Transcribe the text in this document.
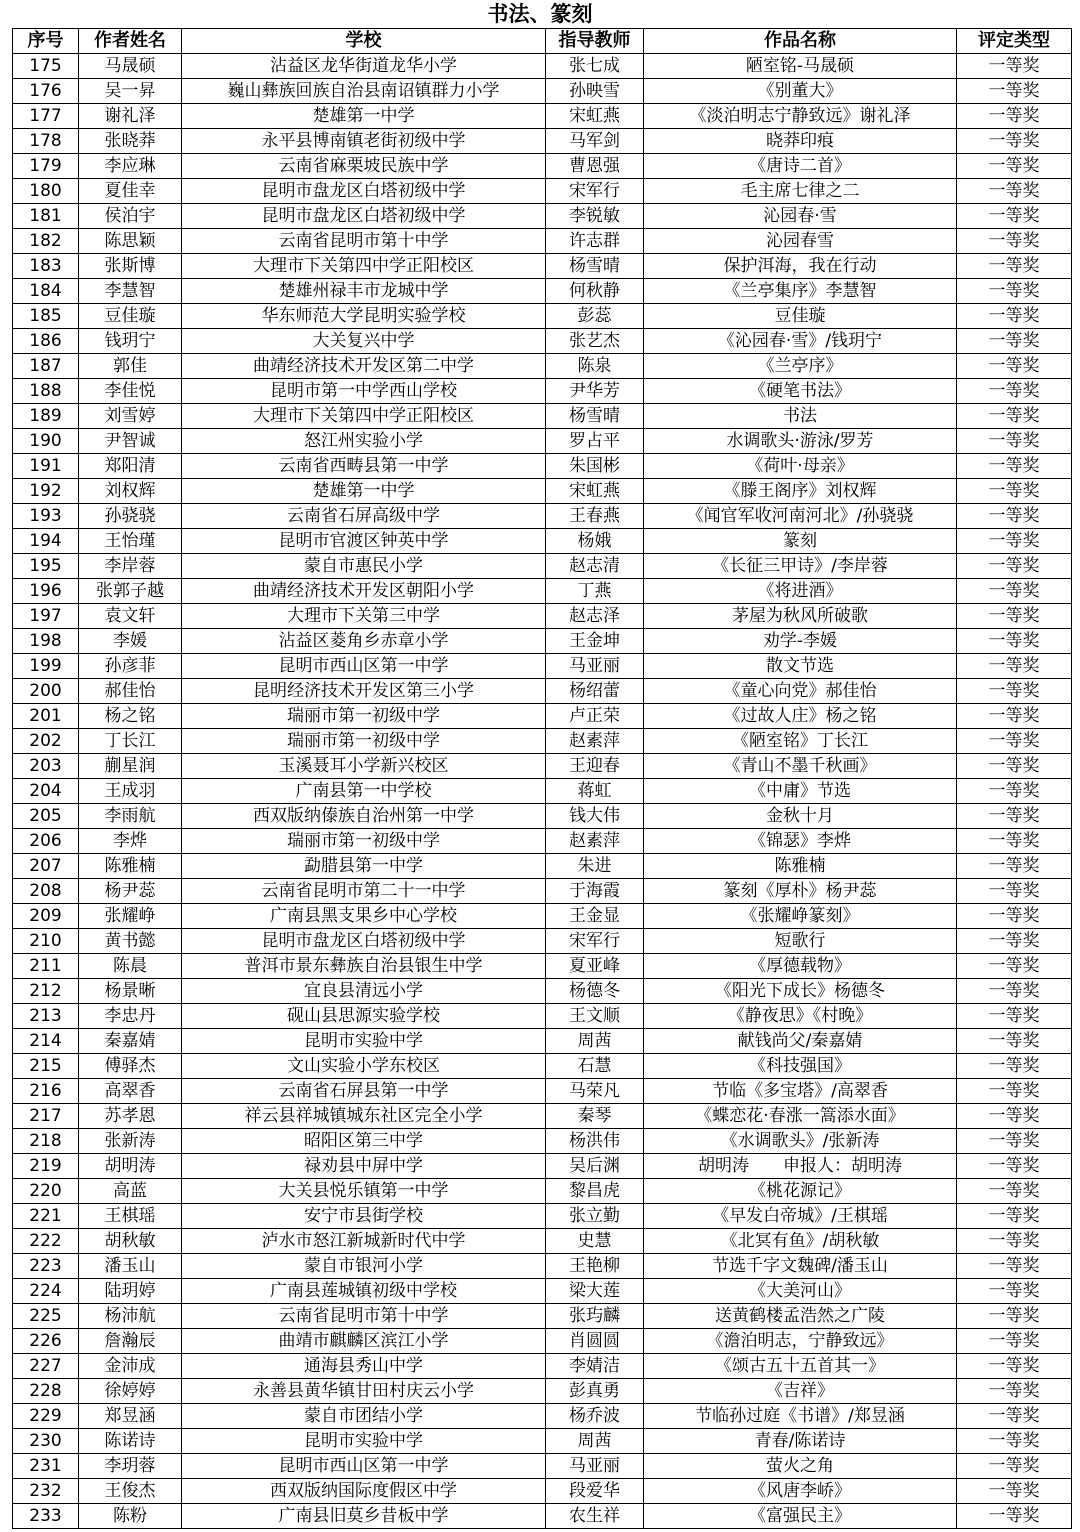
书法、篆刻
序号	作者姓名	学校	指导教师	作品名称	评定类型
175	马晟硕	沾益区龙华街道龙华小学	张七成	陋室铭-马晟硕	一等奖
176	吴一昇	巍山彝族回族自治县南诏镇群力小学	孙映雪	《别董大》	一等奖
177	谢礼泽	楚雄第一中学	宋虹燕	《淡泊明志宁静致远》谢礼泽	一等奖
178	张晓莽	永平县博南镇老街初级中学	马军剑	晓莽印痕	一等奖
179	李应琳	云南省麻栗坡民族中学	曹恩强	《唐诗二首》	一等奖
180	夏佳幸	昆明市盘龙区白塔初级中学	宋军行	毛主席七律之二	一等奖
181	侯泊宇	昆明市盘龙区白塔初级中学	李锐敏	沁园春·雪	一等奖
182	陈思颖	云南省昆明市第十中学	许志群	沁园春雪	一等奖
183	张斯博	大理市下关第四中学正阳校区	杨雪晴	保护洱海，我在行动	一等奖
184	李慧智	楚雄州禄丰市龙城中学	何秋静	《兰亭集序》李慧智	一等奖
185	豆佳璇	华东师范大学昆明实验学校	彭蕊	豆佳璇	一等奖
186	钱玥宁	大关复兴中学	张艺杰	《沁园春·雪》/钱玥宁	一等奖
187	郭佳	曲靖经济技术开发区第二中学	陈泉	《兰亭序》	一等奖
188	李佳悦	昆明市第一中学西山学校	尹华芳	《硬笔书法》	一等奖
189	刘雪婷	大理市下关第四中学正阳校区	杨雪晴	书法	一等奖
190	尹智诚	怒江州实验小学	罗占平	水调歌头·游泳/罗芳	一等奖
191	郑阳清	云南省西畴县第一中学	朱国彬	《荷叶·母亲》	一等奖
192	刘权辉	楚雄第一中学	宋虹燕	《滕王阁序》刘权辉	一等奖
193	孙骁骁	云南省石屏高级中学	王春燕	《闻官军收河南河北》/孙骁骁	一等奖
194	王怡瑾	昆明市官渡区钟英中学	杨娥	篆刻	一等奖
195	李岸蓉	蒙自市惠民小学	赵志清	《长征三甲诗》/李岸蓉	一等奖
196	张郭子越	曲靖经济技术开发区朝阳小学	丁燕	《将进酒》	一等奖
197	袁文轩	大理市下关第三中学	赵志泽	茅屋为秋风所破歌	一等奖
198	李媛	沾益区菱角乡赤章小学	王金坤	劝学-李媛	一等奖
199	孙彦菲	昆明市西山区第一中学	马亚丽	散文节选	一等奖
200	郝佳怡	昆明经济技术开发区第三小学	杨绍蕾	《童心向党》郝佳怡	一等奖
201	杨之铭	瑞丽市第一初级中学	卢正荣	《过故人庄》杨之铭	一等奖
202	丁长江	瑞丽市第一初级中学	赵素萍	《陋室铭》丁长江	一等奖
203	蒯星润	玉溪聂耳小学新兴校区	王迎春	《青山不墨千秋画》	一等奖
204	王成羽	广南县第一中学校	蒋虹	《中庸》节选	一等奖
205	李雨航	西双版纳傣族自治州第一中学	钱大伟	金秋十月	一等奖
206	李烨	瑞丽市第一初级中学	赵素萍	《锦瑟》李烨	一等奖
207	陈雅楠	勐腊县第一中学	朱进	陈雅楠	一等奖
208	杨尹蕊	云南省昆明市第二十一中学	于海霞	篆刻《厚朴》杨尹蕊	一等奖
209	张耀峥	广南县黑支果乡中心学校	王金显	《张耀峥篆刻》	一等奖
210	黄书懿	昆明市盘龙区白塔初级中学	宋军行	短歌行	一等奖
211	陈晨	普洱市景东彝族自治县银生中学	夏亚峰	《厚德载物》	一等奖
212	杨景晰	宜良县清远小学	杨德冬	《阳光下成长》杨德冬	一等奖
213	李忠丹	砚山县思源实验学校	王文顺	《静夜思》《村晚》	一等奖
214	秦嘉婧	昆明市实验中学	周茜	献钱尚父/秦嘉婧	一等奖
215	傅驿杰	文山实验小学东校区	石慧	《科技强国》	一等奖
216	高翠香	云南省石屏县第一中学	马荣凡	节临《多宝塔》/高翠香	一等奖
217	苏孝恩	祥云县祥城镇城东社区完全小学	秦琴	《蝶恋花·春涨一篙添水面》	一等奖
218	张新涛	昭阳区第三中学	杨洪伟	《水调歌头》/张新涛	一等奖
219	胡明涛	禄劝县中屏中学	吴后渊	胡明涛　　申报人：胡明涛	一等奖
220	高蓝	大关县悦乐镇第一中学	黎昌虎	《桃花源记》	一等奖
221	王棋瑶	安宁市县街学校	张立勤	《早发白帝城》/王棋瑶	一等奖
222	胡秋敏	泸水市怒江新城新时代中学	史慧	《北冥有鱼》/胡秋敏	一等奖
223	潘玉山	蒙自市银河小学	王艳柳	节选千字文魏碑/潘玉山	一等奖
224	陆玥婷	广南县莲城镇初级中学校	梁大莲	《大美河山》	一等奖
225	杨沛航	云南省昆明市第十中学	张玙麟	送黄鹤楼孟浩然之广陵	一等奖
226	詹瀚辰	曲靖市麒麟区滨江小学	肖圆圆	《澹泊明志，宁静致远》	一等奖
227	金沛成	通海县秀山中学	李婧洁	《颂古五十五首其一》	一等奖
228	徐婷婷	永善县黄华镇甘田村庆云小学	彭真勇	《吉祥》	一等奖
229	郑昱涵	蒙自市团结小学	杨乔波	节临孙过庭《书谱》/郑昱涵	一等奖
230	陈诺诗	昆明市实验中学	周茜	青春/陈诺诗	一等奖
231	李玥蓉	昆明市西山区第一中学	马亚丽	萤火之角	一等奖
232	王俊杰	西双版纳国际度假区中学	段爱华	《风唐李峤》	一等奖
233	陈粉	广南县旧莫乡昔板中学	农生祥	《富强民主》	一等奖
